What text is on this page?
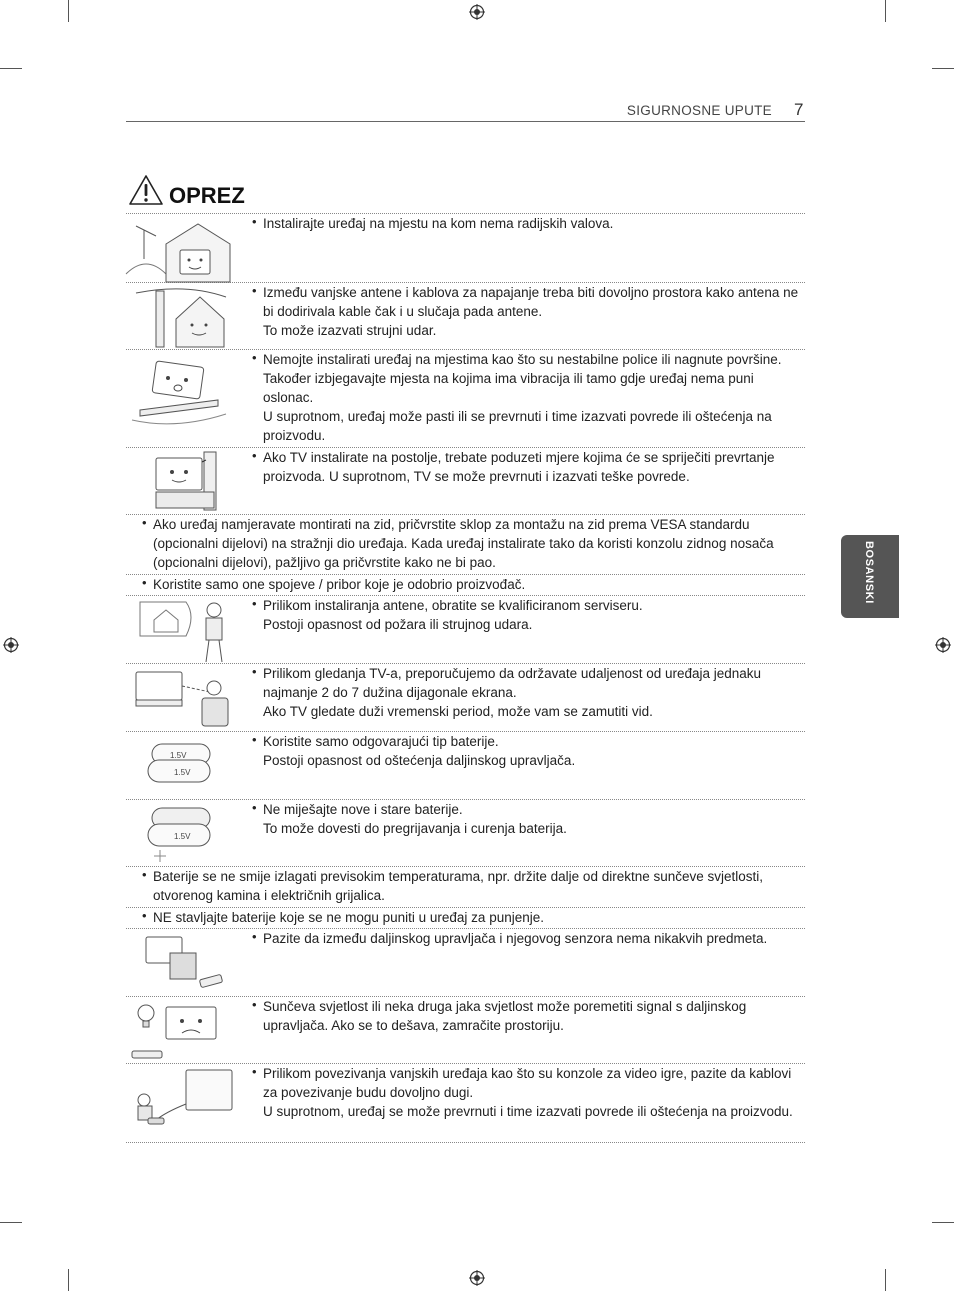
SIGURNOSNE UPUTE 7
OPREZ
BOSANSKI
• Instalirajte uređaj na mjestu na kom nema radijskih valova.

• Između vanjske antene i kablova za napajanje treba biti dovoljno prostora kako antena ne bi dodirivala kable čak i u slučaja pada antene.

To može izazvati strujni udar.

• Nemojte instalirati uređaj na mjestima kao što su nestabilne police ili nagnute površine. Također izbjegavajte mjesta na kojima ima vibracija ili tamo gdje uređaj nema puni oslonac.

U suprotnom, uređaj može pasti ili se prevrnuti i time izazvati povrede ili oštećenja na proizvodu.

• Ako TV instalirate na postolje, trebate poduzeti mjere kojima će se spriječiti prevrtanje proizvoda. U suprotnom, TV se može prevrnuti i izazvati teške povrede.

• Ako uređaj namjeravate montirati na zid, pričvrstite sklop za montažu na zid prema VESA standardu (opcionalni dijelovi) na stražnji dio uređaja. Kada uređaj instalirate tako da koristi konzolu zidnog nosača (opcionalni dijelovi), pažljivo ga pričvrstite kako ne bi pao.

• Koristite samo one spojeve / pribor koje je odobrio proizvođač.

• Prilikom instaliranja antene, obratite se kvalificiranom serviseru.

Postoji opasnost od požara ili strujnog udara.

• Prilikom gledanja TV-a, preporučujemo da održavate udaljenost od uređaja jednaku najmanje 2 do 7 dužina dijagonale ekrana.

Ako TV gledate duži vremenski period, može vam se zamutiti vid.

1.5V
1.5V
• Koristite samo odgovarajući tip baterije.

Postoji opasnost od oštećenja daljinskog upravljača.

1.5V
• Ne miješajte nove i stare baterije.

To može dovesti do pregrijavanja i curenja baterija.

• Baterije se ne smije izlagati previsokim temperaturama, npr. držite dalje od direktne sunčeve svjetlosti, otvorenog kamina i električnih grijalica.

• NE stavljajte baterije koje se ne mogu puniti u uređaj za punjenje.

• Pazite da između daljinskog upravljača i njegovog senzora nema nikakvih predmeta.

• Sunčeva svjetlost ili neka druga jaka svjetlost može poremetiti signal s daljinskog upravljača. Ako se to dešava, zamračite prostoriju.

• Prilikom povezivanja vanjskih uređaja kao što su konzole za video igre, pazite da kablovi za povezivanje budu dovoljno dugi.

U suprotnom, uređaj se može prevrnuti i time izazvati povrede ili oštećenja na proizvodu.
